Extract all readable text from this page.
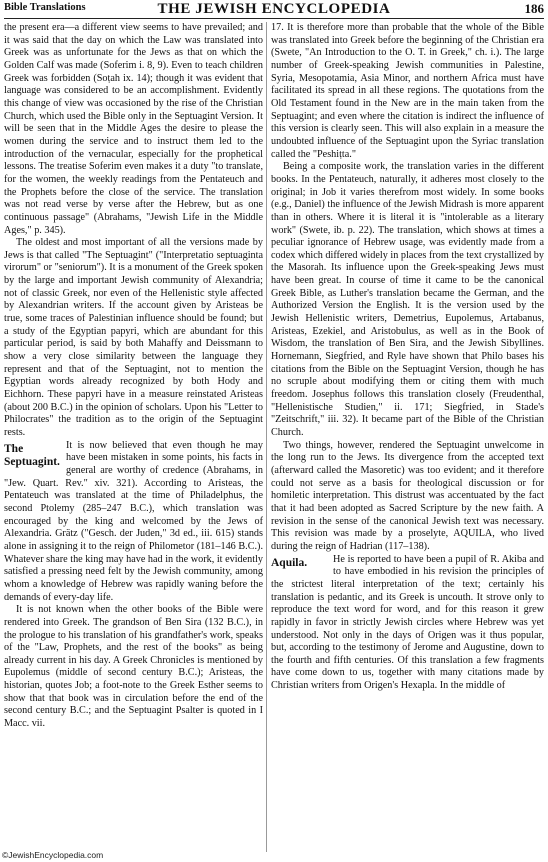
Bible Translations	THE JEWISH ENCYCLOPEDIA	186

the present era—a different view seems to have prevailed; and it was said that the day on which the Law was translated into Greek was as unfortunate for the Jews as that on which the Golden Calf was made (Soferim i. 8, 9). Even to teach children Greek was forbidden (Soṭah ix. 14); though it was evident that language was considered to be an accomplishment. Evidently this change of view was occasioned by the rise of the Christian Church, which used the Bible only in the Septuagint Version. It will be seen that in the Middle Ages the desire to please the women during the service and to instruct them led to the introduction of the vernacular, especially for the prophetical lessons. The treatise Soferim even makes it a duty "to translate, for the women, the weekly readings from the Pentateuch and the Prophets before the close of the service. The translation was not read verse by verse after the Hebrew, but as one continuous passage" (Abrahams, "Jewish Life in the Middle Ages," p. 345).

The oldest and most important of all the versions made by Jews is that called "The Septuagint" ("Interpretatio septuaginta virorum" or "seniorum"). It is a monument of the Greek spoken by the large and important Jewish community of Alexandria; not of classic Greek, nor even of the Hellenistic style affected by Alexandrian writers. If the account given by Aristeas be true, some traces of Palestinian influence should be found; but a study of the Egyptian papyri, which are abundant for this particular period, is said by both Mahaffy and Deissmann to show a very close similarity between the language they represent and that of the Septuagint, not to mention the Egyptian words already recognized by both Hody and Eichhorn. These papyri have in a measure reinstated Aristeas (about 200 B.C.) in the opinion of scholars. Upon his "Letter to Philocrates" the tradition as to the origin of the Septuagint rests.

The Septuagint.

It is now believed that even though he may have been mistaken in some points, his facts in general are worthy of credence (Abrahams, in "Jew. Quart. Rev." xiv. 321). According to Aristeas, the Pentateuch was translated at the time of Philadelphus, the second Ptolemy (285–247 B.C.), which translation was encouraged by the king and welcomed by the Jews of Alexandria. Grätz ("Gesch. der Juden," 3d ed., iii. 615) stands alone in assigning it to the reign of Philometor (181–146 B.C.). Whatever share the king may have had in the work, it evidently satisfied a pressing need felt by the Jewish community, among whom a knowledge of Hebrew was rapidly waning before the demands of every-day life.

It is not known when the other books of the Bible were rendered into Greek. The grandson of Ben Sira (132 B.C.), in the prologue to his translation of his grandfather's work, speaks of the "Law, Prophets, and the rest of the books" as being already current in his day. A Greek Chronicles is mentioned by Eupolemus (middle of second century B.C.); Aristeas, the historian, quotes Job; a foot-note to the Greek Esther seems to show that that book was in circulation before the end of the second century B.C.; and the Septuagint Psalter is quoted in I Macc. vii.

17. It is therefore more than probable that the whole of the Bible was translated into Greek before the beginning of the Christian era (Swete, "An Introduction to the O. T. in Greek," ch. i.). The large number of Greek-speaking Jewish communities in Palestine, Syria, Mesopotamia, Asia Minor, and northern Africa must have facilitated its spread in all these regions. The quotations from the Old Testament found in the New are in the main taken from the Septuagint; and even where the citation is indirect the influence of this version is clearly seen. This will also explain in a measure the undoubted influence of the Septuagint upon the Syriac translation called the "Peshiṭta."

Being a composite work, the translation varies in the different books. In the Pentateuch, naturally, it adheres most closely to the original; in Job it varies therefrom most widely. In some books (e.g., Daniel) the influence of the Jewish Midrash is more apparent than in others. Where it is literal it is "intolerable as a literary work" (Swete, ib. p. 22). The translation, which shows at times a peculiar ignorance of Hebrew usage, was evidently made from a codex which differed widely in places from the text crystallized by the Masorah. Its influence upon the Greek-speaking Jews must have been great. In course of time it came to be the canonical Greek Bible, as Luther's translation became the German, and the Authorized Version the English. It is the version used by the Jewish Hellenistic writers, Demetrius, Eupolemus, Artabanus, Aristeas, Ezekiel, and Aristobulus, as well as in the Book of Wisdom, the translation of Ben Sira, and the Jewish Sibyllines. Hornemann, Siegfried, and Ryle have shown that Philo bases his citations from the Bible on the Septuagint Version, though he has no scruple about modifying them or citing them with much freedom. Josephus follows this translation closely (Freudenthal, "Hellenistische Studien," ii. 171; Siegfried, in Stade's "Zeitschrift," iii. 32). It became part of the Bible of the Christian Church.

Two things, however, rendered the Septuagint unwelcome in the long run to the Jews. Its divergence from the accepted text (afterward called the Masoretic) was too evident; and it therefore could not serve as a basis for theological discussion or for homiletic interpretation. This distrust was accentuated by the fact that it had been adopted as Sacred Scripture by the new faith. A revision in the sense of the canonical Jewish text was necessary. This revision was made by a proselyte, AQUILA, who lived during the reign of Hadrian (117–138).

Aquila.	He is reported to have been a pupil of R. Akiba and to have embodied in his revision the principles of the strictest literal interpretation of the text; certainly his translation is pedantic, and its Greek is uncouth. It strove only to reproduce the text word for word, and for this reason it grew rapidly in favor in strictly Jewish circles where Hebrew was yet understood. Not only in the days of Origen was it thus popular, but, according to the testimony of Jerome and Augustine, down to the fourth and fifth centuries. Of this translation a few fragments have come down to us, together with many citations made by Christian writers from Origen's Hexapla. In the middle of

©JewishEncyclopedia.com
